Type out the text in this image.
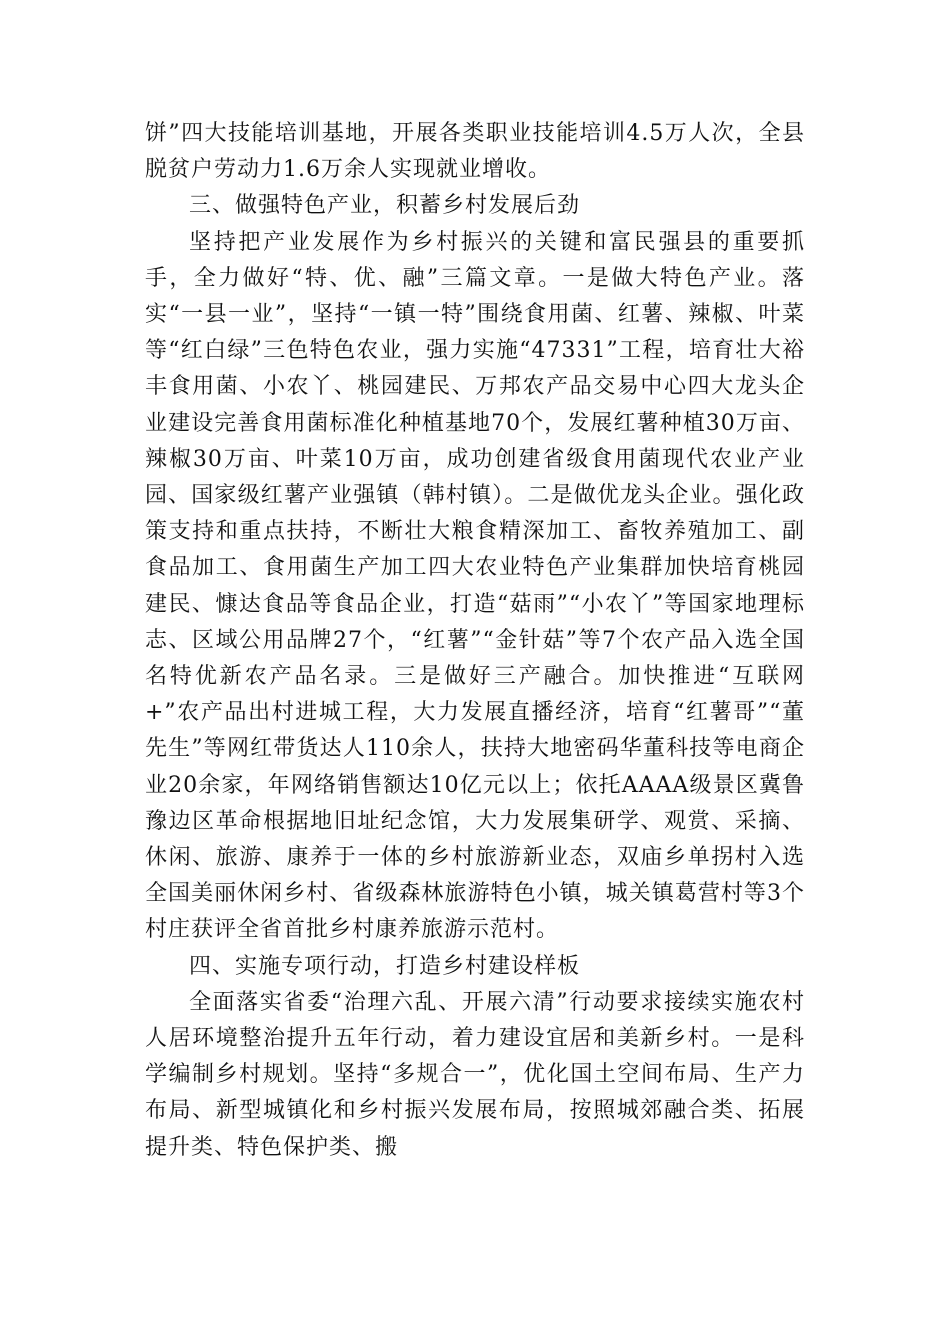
饼”四大技能培训基地，开展各类职业技能培训4.5万人次，全县脱贫户劳动力1.6万余人实现就业增收。

三、做强特色产业，积蓄乡村发展后劲

坚持把产业发展作为乡村振兴的关键和富民强县的重要抓手，全力做好“特、优、融”三篇文章。一是做大特色产业。落实“一县一业”，坚持“一镇一特”围绕食用菌、红薯、辣椒、叶菜等“红白绿”三色特色农业，强力实施“47331”工程，培育壮大裕丰食用菌、小农丫、桃园建民、万邦农产品交易中心四大龙头企业建设完善食用菌标准化种植基地70个，发展红薯种植30万亩、辣椒30万亩、叶菜10万亩，成功创建省级食用菌现代农业产业园、国家级红薯产业强镇（韩村镇）。二是做优龙头企业。强化政策支持和重点扶持，不断壮大粮食精深加工、畜牧养殖加工、副食品加工、食用菌生产加工四大农业特色产业集群加快培育桃园建民、慷达食品等食品企业，打造“菇雨”“小农丫”等国家地理标志、区域公用品牌27个，“红薯”“金针菇”等7个农产品入选全国名特优新农产品名录。三是做好三产融合。加快推进“互联网+”农产品出村进城工程，大力发展直播经济，培育“红薯哥”“董先生”等网红带货达人110余人，扶持大地密码华董科技等电商企业20余家，年网络销售额达10亿元以上；依托AAAA级景区冀鲁豫边区革命根据地旧址纪念馆，大力发展集研学、观赏、采摘、休闲、旅游、康养于一体的乡村旅游新业态，双庙乡单拐村入选全国美丽休闲乡村、省级森林旅游特色小镇，城关镇葛营村等3个村庄获评全省首批乡村康养旅游示范村。

四、实施专项行动，打造乡村建设样板

全面落实省委“治理六乱、开展六清”行动要求接续实施农村人居环境整治提升五年行动，着力建设宜居和美新乡村。一是科学编制乡村规划。坚持“多规合一”，优化国土空间布局、生产力布局、新型城镇化和乡村振兴发展布局，按照城郊融合类、拓展提升类、特色保护类、搬
